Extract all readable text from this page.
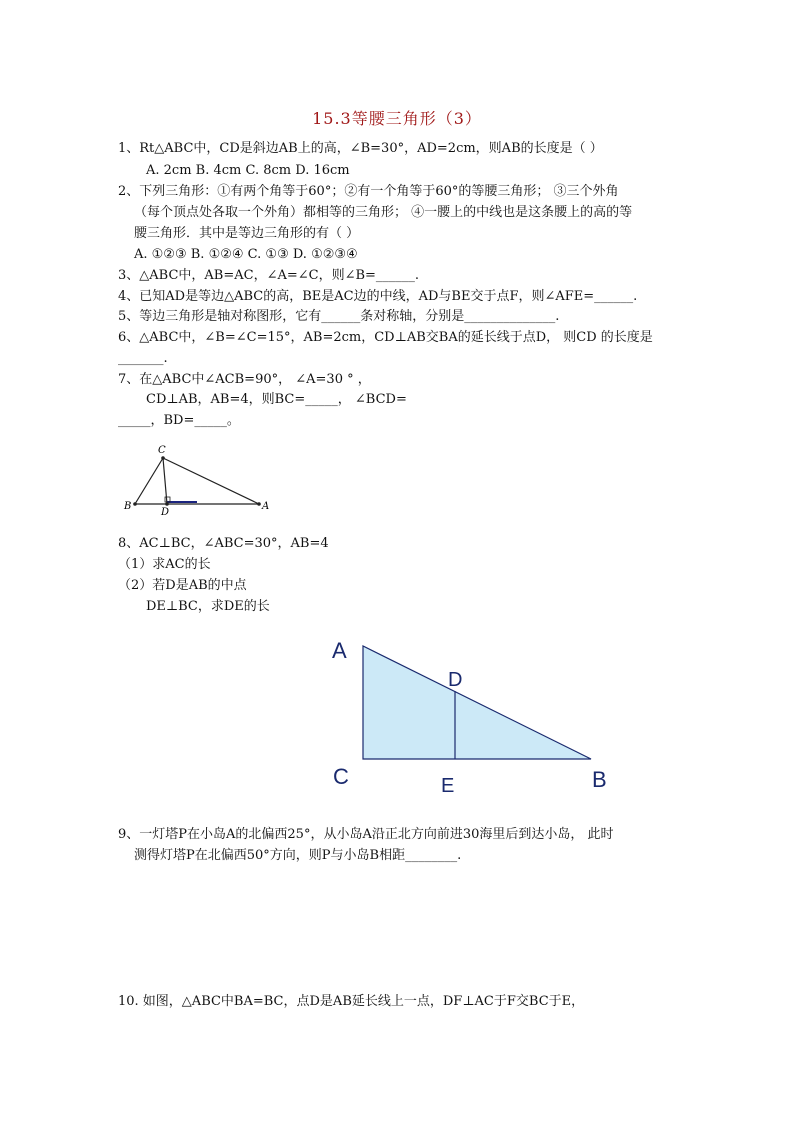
15.3等腰三角形（3）
1、Rt△ABC中，CD是斜边AB上的高，∠B=30°，AD=2cm，则AB的长度是（ ）
A. 2cm B. 4cm C. 8cm D. 16cm
2、下列三角形：①有两个角等于60°；②有一个角等于60°的等腰三角形； ③三个外角
（每个顶点处各取一个外角）都相等的三角形； ④一腰上的中线也是这条腰上的高的等
腰三角形．其中是等边三角形的有（ ）
A. ①②③ B. ①②④ C. ①③ D. ①②③④
3、△ABC中，AB=AC，∠A=∠C，则∠B=______.
4、已知AD是等边△ABC的高，BE是AC边的中线，AD与BE交于点F，则∠AFE=______.
5、等边三角形是轴对称图形，它有______条对称轴，分别是______________.
6、△ABC中，∠B=∠C=15°，AB=2cm，CD⊥AB交BA的延长线于点D， 则CD 的长度是
_______.
7、在△ABC中∠ACB=90°， ∠A=30 ° ，
CD⊥AB，AB=4，则BC=_____， ∠BCD=
_____，BD=_____。
C
B
D
A
8、AC⊥BC，∠ABC=30°，AB=4
（1）求AC的长
（2）若D是AB的中点
DE⊥BC，求DE的长
A
D
C	E	B
9、一灯塔P在小岛A的北偏西25°，从小岛A沿正北方向前进30海里后到达小岛， 此时
测得灯塔P在北偏西50°方向，则P与小岛B相距________.
10. 如图，△ABC中BA=BC，点D是AB延长线上一点，DF⊥AC于F交BC于E，
